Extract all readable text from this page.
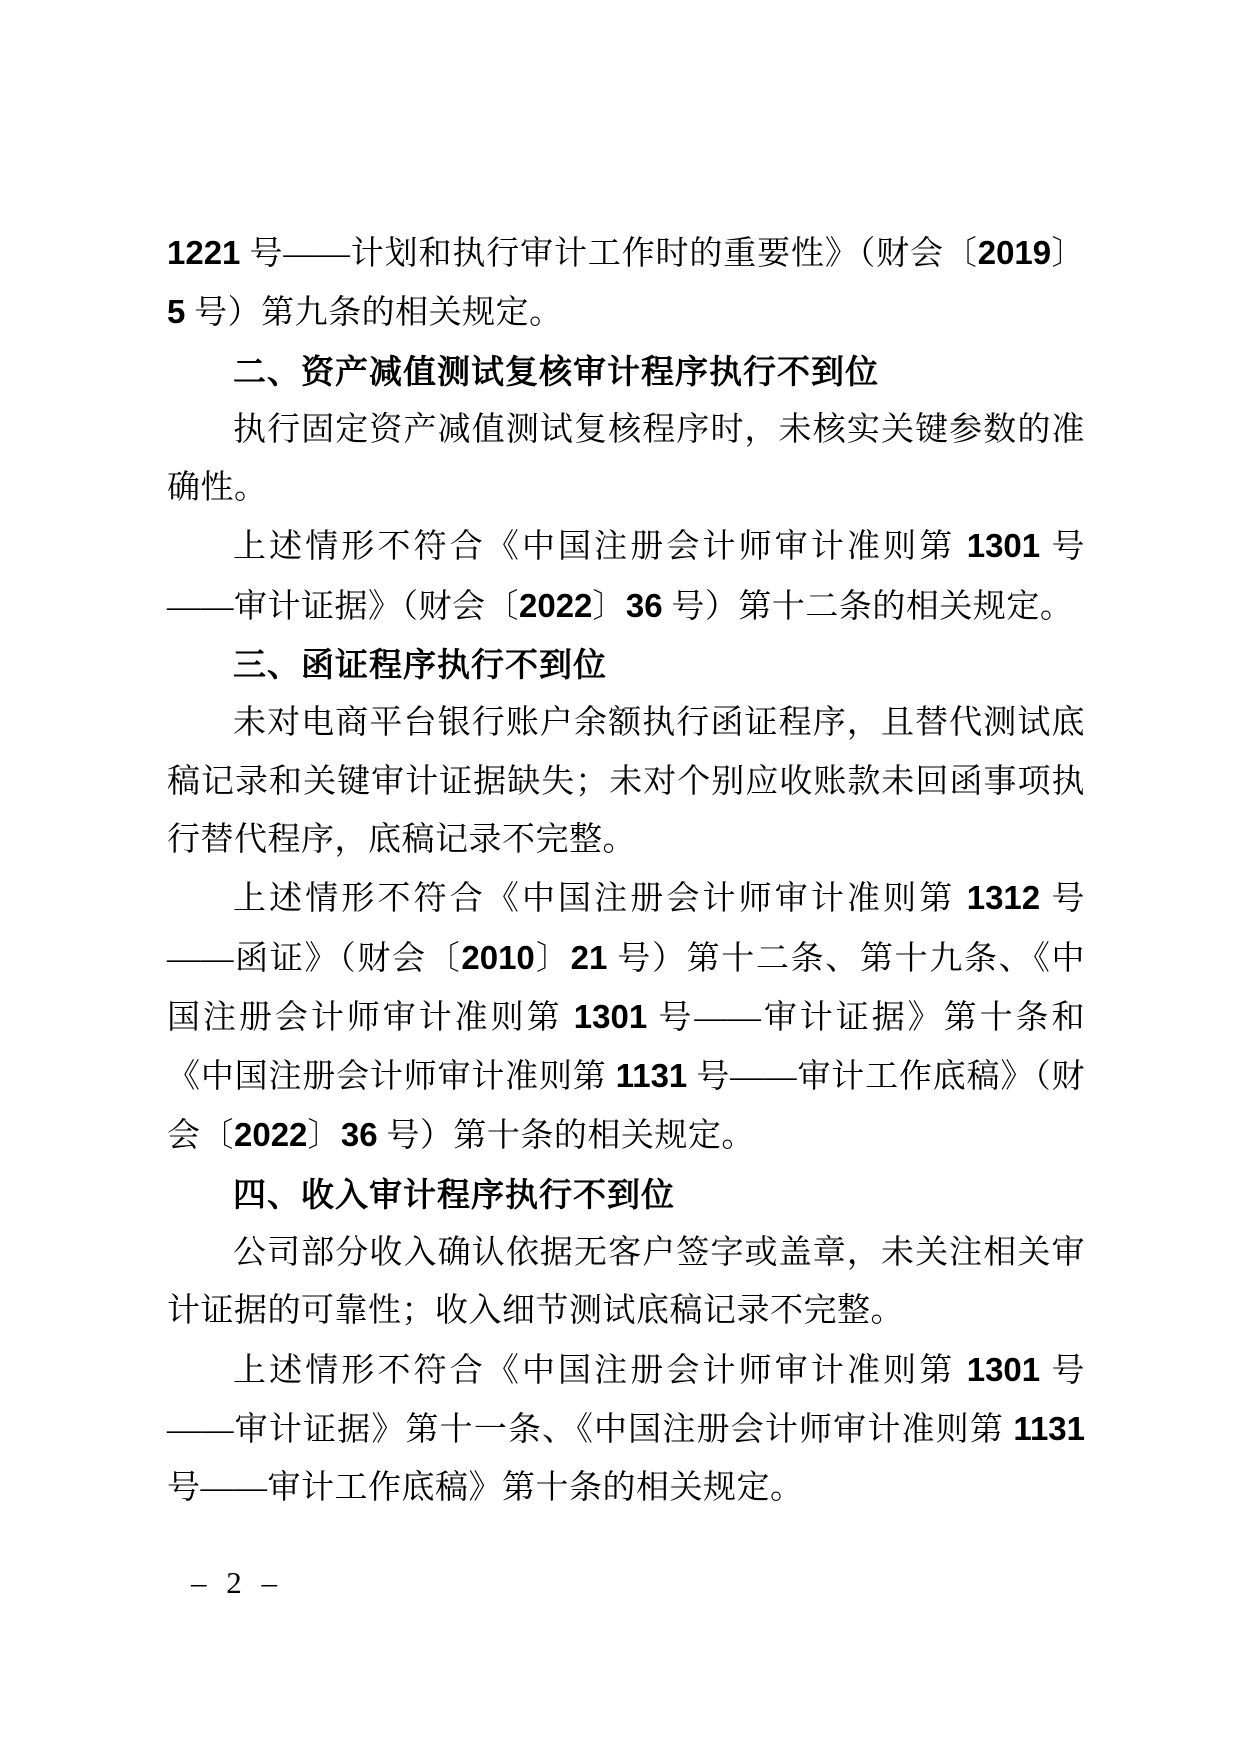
1221 号——计划和执行审计工作时的重要性》（财会〔2019〕5 号）第九条的相关规定。

二、资产减值测试复核审计程序执行不到位

执行固定资产减值测试复核程序时，未核实关键参数的准确性。

上述情形不符合《中国注册会计师审计准则第 1301 号——审计证据》（财会〔2022〕36 号）第十二条的相关规定。

三、函证程序执行不到位

未对电商平台银行账户余额执行函证程序，且替代测试底稿记录和关键审计证据缺失；未对个别应收账款未回函事项执行替代程序，底稿记录不完整。

上述情形不符合《中国注册会计师审计准则第 1312 号——函证》（财会〔2010〕21 号）第十二条、第十九条、《中国注册会计师审计准则第 1301 号——审计证据》第十条和《中国注册会计师审计准则第 1131 号——审计工作底稿》（财会〔2022〕36 号）第十条的相关规定。

四、收入审计程序执行不到位

公司部分收入确认依据无客户签字或盖章，未关注相关审计证据的可靠性；收入细节测试底稿记录不完整。

上述情形不符合《中国注册会计师审计准则第 1301 号——审计证据》第十一条、《中国注册会计师审计准则第 1131 号——审计工作底稿》第十条的相关规定。

– 2 –
